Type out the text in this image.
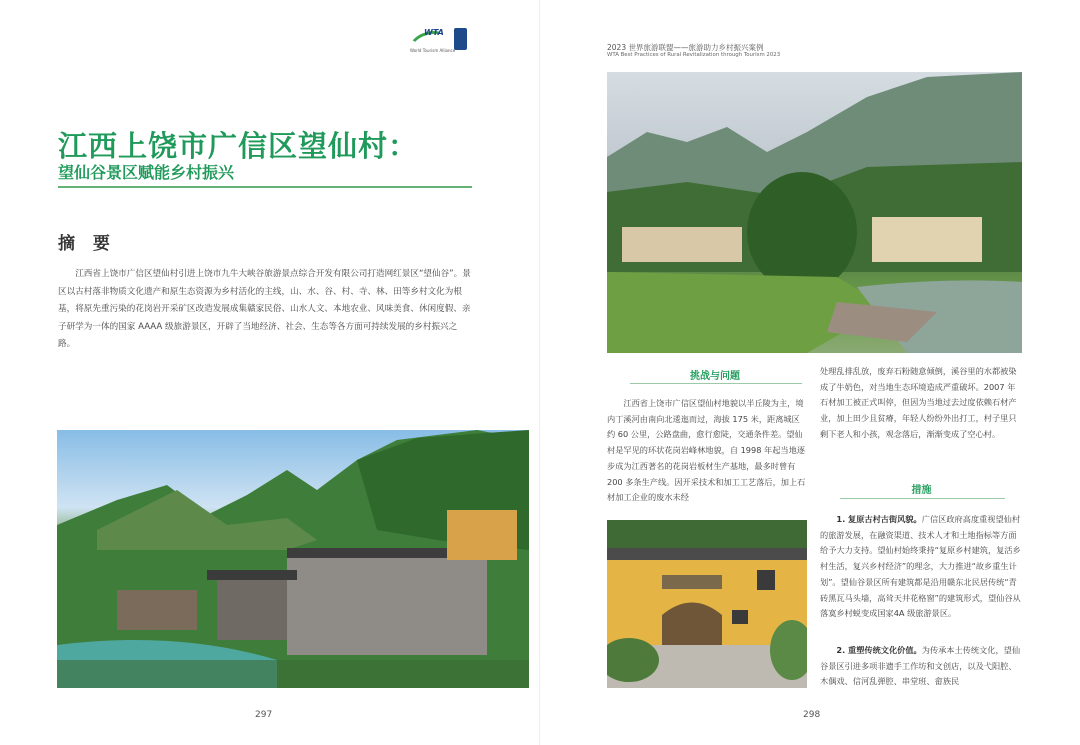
WTA
World Tourism Alliance
江西上饶市广信区望仙村：
望仙谷景区赋能乡村振兴
摘 要

江西省上饶市广信区望仙村引进上饶市九牛大峡谷旅游景点综合开发有限公司打造网红景区“望仙谷”。景区以古村落非物质文化遗产和原生态资源为乡村活化的主线，山、水、谷、村、寺、林、田等乡村文化为根基，将原先重污染的花岗岩开采矿区改造发展成集赣家民俗、山水人文、本地农业、风味美食、休闲度假、亲子研学为一体的国家 AAAA 级旅游景区，开辟了当地经济、社会、生态等各方面可持续发展的乡村振兴之路。

297

2023 世界旅游联盟——旅游助力乡村振兴案例

WTA Best Practices of Rural Revitalization through Tourism 2023

挑战与问题

江西省上饶市广信区望仙村地貌以半丘陵为主，境内丁溪河由南向北逶迤而过，海拔 175 米，距离城区约 60 公里，公路盘曲，愈行愈陡，交通条件差。望仙村是罕见的环状花岗岩峰林地貌，自 1998 年起当地逐步成为江西著名的花岗岩板材生产基地，最多时曾有 200 多条生产线。因开采技术和加工工艺落后，加上石材加工企业的废水未经

处理乱排乱放，废弃石粉随意倾倒，溪谷里的水都被染成了牛奶色，对当地生态环境造成严重破坏。2007 年石材加工被正式叫停，但因为当地过去过度依赖石材产业，加上田少且贫瘠，年轻人纷纷外出打工，村子里只剩下老人和小孩，观念落后，渐渐变成了空心村。

措施

1. 复原古村古街风貌。广信区政府高度重视望仙村的旅游发展，在融资渠道、技术人才和土地指标等方面给予大力支持。望仙村始终秉持“复原乡村建筑，复活乡村生活，复兴乡村经济”的理念，大力推进“故乡重生计划”。望仙谷景区所有建筑都是沿用赣东北民居传统“青砖黑瓦马头墙，高耸天井花格窗”的建筑形式，望仙谷从落寞乡村蜕变成国家4A 级旅游景区。

2. 重塑传统文化价值。为传承本土传统文化，望仙谷景区引进多项非遗手工作坊和文创店，以及弋阳腔、木偶戏、信河乱弹腔、串堂班、畲族民

298
